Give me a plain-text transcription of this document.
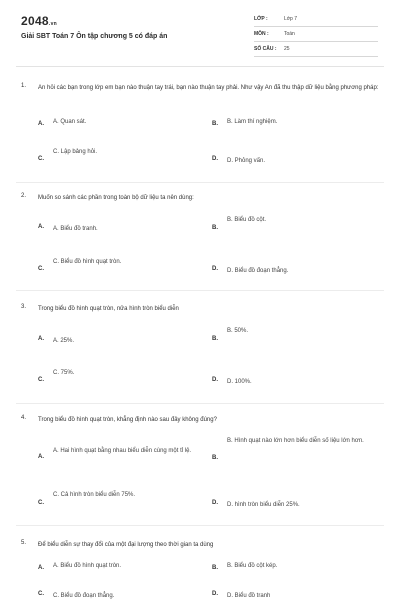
2048.vn
Giải SBT Toán 7 Ôn tập chương 5 có đáp án
LỚP :	Lớp 7
MÔN :	Toán
SỐ CÂU : 25
1. An hỏi các bạn trong lớp em bạn nào thuận tay trái, bạn nào thuận tay phải. Như vậy An đã thu thập dữ liệu bằng phương pháp:
A. A. Quan sát.	B. B. Làm thí nghiệm.
C.
C. Lập bảng hỏi.
D. D. Phỏng vấn.
2. Muốn so sánh các phần trong toàn bộ dữ liệu ta nên dùng:
A. A. Biểu đồ tranh.	B.
B. Biểu đồ cột.
C.
C. Biểu đồ hình quạt tròn.
D. D. Biểu đồ đoạn thẳng.
3. Trong biểu đồ hình quạt tròn, nửa hình tròn biểu diễn
A. A. 25%.	B.
B. 50%.
C.
C. 75%.
D. D. 100%.
4. Trong biểu đồ hình quạt tròn, khẳng định nào sau đây không đúng?
A.
A. Hai hình quạt bằng nhau biểu diễn cùng một tỉ lệ.
B.
B. Hình quạt nào lớn hơn biểu diễn số liệu lớn hơn.
C.
C. Cả hình tròn biểu diễn 75%.
D. D. hình tròn biểu diễn 25%.
5. Để biểu diễn sự thay đổi của một đại lượng theo thời gian ta dùng
A. A. Biểu đồ hình quạt tròn.	B. B. Biểu đồ cột kép.
C. C. Biểu đồ đoạn thẳng.	D. D. Biểu đồ tranh
